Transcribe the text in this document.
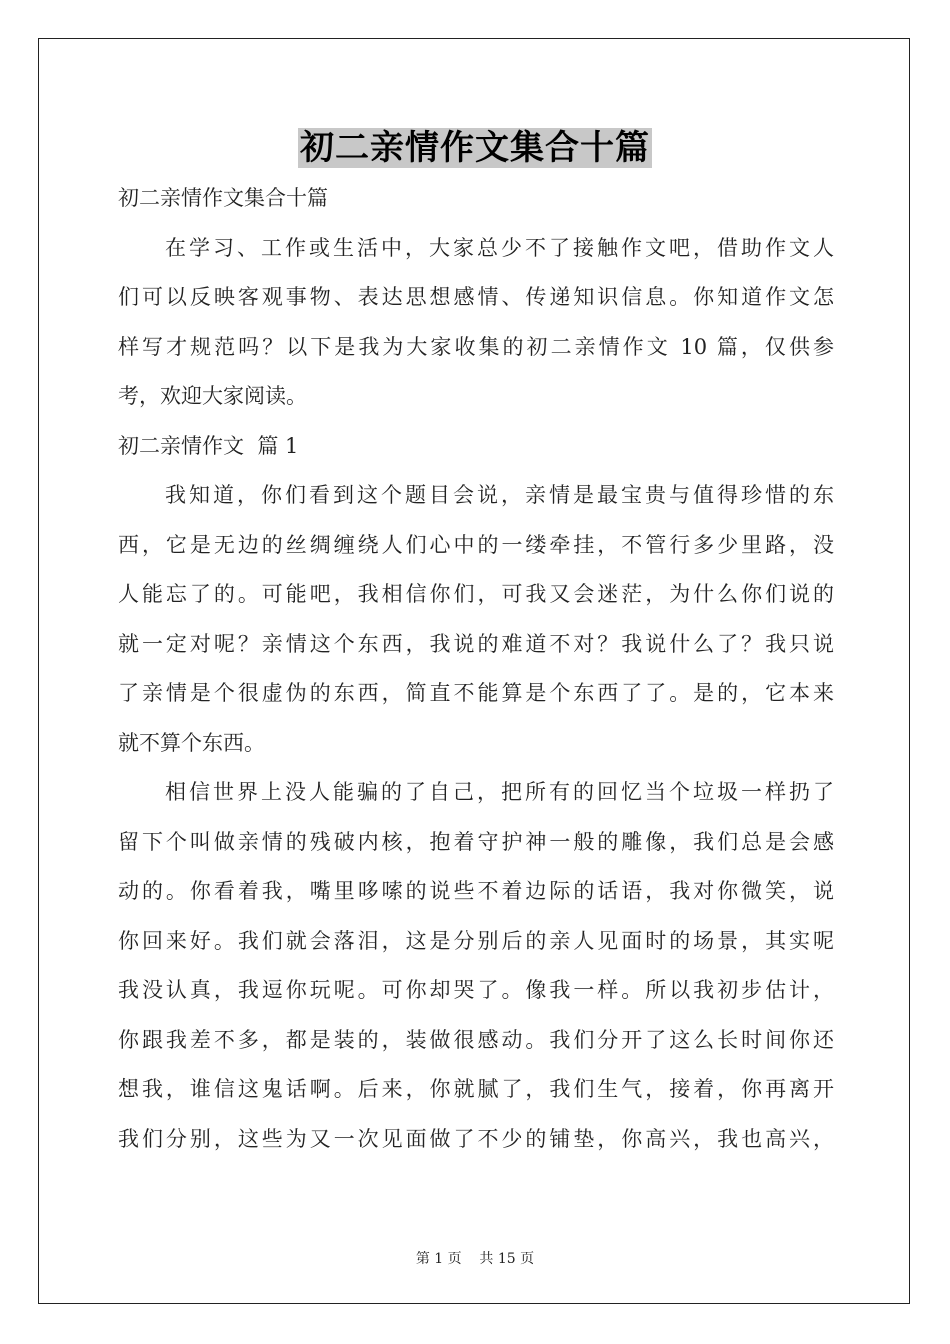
初二亲情作文集合十篇
初二亲情作文集合十篇
在学习、工作或生活中，大家总少不了接触作文吧，借助作文人
们可以反映客观事物、表达思想感情、传递知识信息。你知道作文怎
样写才规范吗？以下是我为大家收集的初二亲情作文 10 篇，仅供参
考，欢迎大家阅读。
初二亲情作文  篇 1
我知道，你们看到这个题目会说，亲情是最宝贵与值得珍惜的东
西，它是无边的丝绸缠绕人们心中的一缕牵挂，不管行多少里路，没
人能忘了的。可能吧，我相信你们，可我又会迷茫，为什么你们说的
就一定对呢？亲情这个东西，我说的难道不对？我说什么了？我只说
了亲情是个很虚伪的东西，简直不能算是个东西了了。是的，它本来
就不算个东西。
相信世界上没人能骗的了自己，把所有的回忆当个垃圾一样扔了
留下个叫做亲情的残破内核，抱着守护神一般的雕像，我们总是会感
动的。你看着我，嘴里哆嗦的说些不着边际的话语，我对你微笑，说
你回来好。我们就会落泪，这是分别后的亲人见面时的场景，其实呢
我没认真，我逗你玩呢。可你却哭了。像我一样。所以我初步估计，
你跟我差不多，都是装的，装做很感动。我们分开了这么长时间你还
想我，谁信这鬼话啊。后来，你就腻了，我们生气，接着，你再离开
我们分别，这些为又一次见面做了不少的铺垫，你高兴，我也高兴，
第 1 页    共 15 页
